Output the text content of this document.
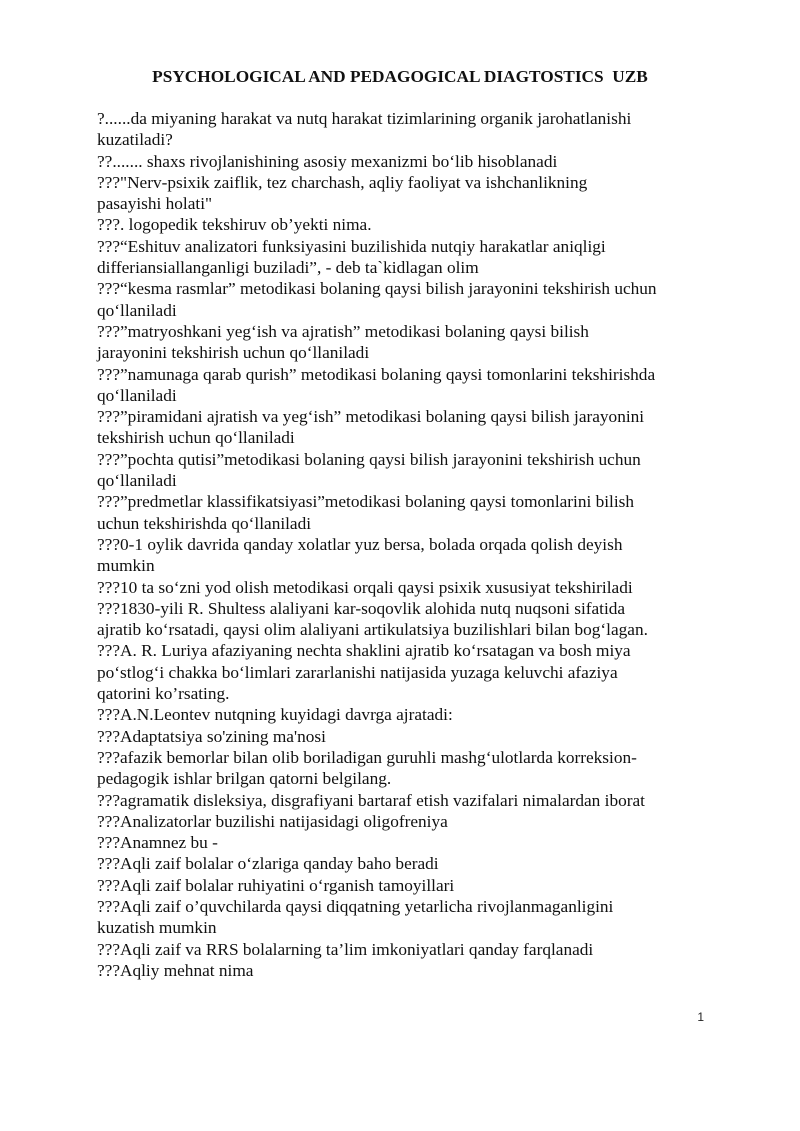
PSYCHOLOGICAL AND PEDAGOGICAL DIAGTOSTICS  UZB
?......da miyaning harakat va nutq harakat tizimlarining organik jarohatlanishi
kuzatiladi?
??....... shaxs rivojlanishining asosiy mexanizmi bo‘lib hisoblanadi
???"Nerv-psixik zaiflik, tez charchash, aqliy faoliyat va ishchanlikning
pasayishi holati"
???. logopedik tekshiruv ob’yekti nima.
???“Eshituv analizatori funksiyasini buzilishida nutqiy harakatlar aniqligi
differiansiallanganligi buziladi”, - deb ta`kidlagan olim
???“kesma rasmlar” metodikasi bolaning qaysi bilish jarayonini tekshirish uchun
qo‘llaniladi
???”matryoshkani yeg‘ish va ajratish” metodikasi bolaning qaysi bilish
jarayonini tekshirish uchun qo‘llaniladi
???”namunaga qarab qurish” metodikasi bolaning qaysi tomonlarini tekshirishda
qo‘llaniladi
???”piramidani ajratish va yeg‘ish” metodikasi bolaning qaysi bilish jarayonini
tekshirish uchun qo‘llaniladi
???”pochta qutisi”metodikasi bolaning qaysi bilish jarayonini tekshirish uchun
qo‘llaniladi
???”predmetlar klassifikatsiyasi”metodikasi bolaning qaysi tomonlarini bilish
uchun tekshirishda qo‘llaniladi
???0-1 oylik davrida qanday xolatlar yuz bersa, bolada orqada qolish deyish
mumkin
???10 ta so‘zni yod olish metodikasi orqali qaysi psixik xususiyat tekshiriladi
???1830-yili R. Shultess alaliyani kar-soqovlik alohida nutq nuqsoni sifatida
ajratib ko‘rsatadi, qaysi olim alaliyani artikulatsiya buzilishlari bilan bog‘lagan.
???A. R. Luriya afaziyaning nechta shaklini ajratib ko‘rsatagan va bosh miya
po‘stlog‘i chakka bo‘limlari zararlanishi natijasida yuzaga keluvchi afaziya
qatorini ko’rsating.
???A.N.Leontev nutqning kuyidagi davrga ajratadi:
???Adaptatsiya so'zining ma'nosi
???afazik bemorlar bilan olib boriladigan guruhli mashg‘ulotlarda korreksion-
pedagogik ishlar brilgan qatorni belgilang.
???agramatik disleksiya, disgrafiyani bartaraf etish vazifalari nimalardan iborat
???Analizatorlar buzilishi natijasidagi oligofreniya
???Anamnez bu -
???Aqli zaif bolalar o‘zlariga qanday baho beradi
???Aqli zaif bolalar ruhiyatini o‘rganish tamoyillari
???Aqli zaif o’quvchilarda qaysi diqqatning yetarlicha rivojlanmaganligini
kuzatish mumkin
???Aqli zaif va RRS bolalarning ta’lim imkoniyatlari qanday farqlanadi
???Aqliy mehnat nima
1
